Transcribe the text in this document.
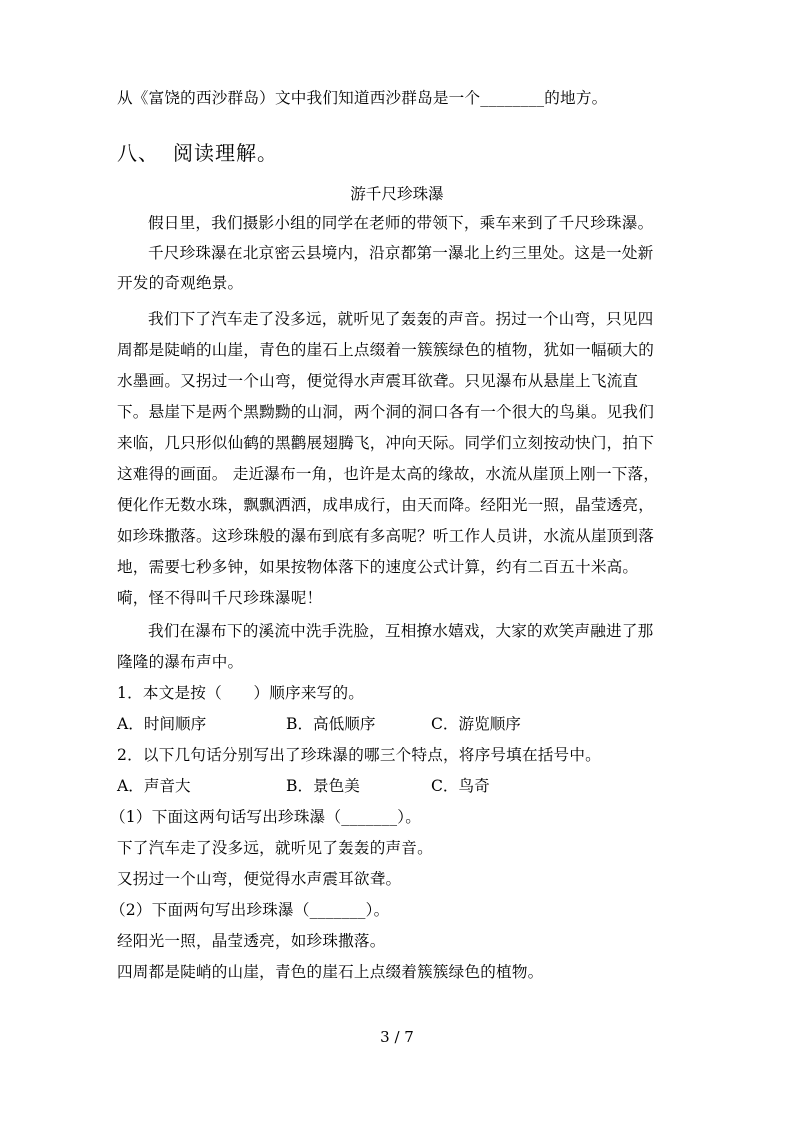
从《富饶的西沙群岛）文中我们知道西沙群岛是一个________的地方。
八、 阅读理解。
游千尺珍珠瀑
假日里，我们摄影小组的同学在老师的带领下，乘车来到了千尺珍珠瀑。
千尺珍珠瀑在北京密云县境内，沿京都第一瀑北上约三里处。这是一处新
开发的奇观绝景。
我们下了汽车走了没多远，就听见了轰轰的声音。拐过一个山弯，只见四
周都是陡峭的山崖，青色的崖石上点缀着一簇簇绿色的植物，犹如一幅硕大的
水墨画。又拐过一个山弯，便觉得水声震耳欲聋。只见瀑布从悬崖上飞流直
下。悬崖下是两个黑黝黝的山洞，两个洞的洞口各有一个很大的鸟巢。见我们
来临，几只形似仙鹤的黑鹳展翅腾飞，冲向天际。同学们立刻按动快门，拍下
这难得的画面。 走近瀑布一角，也许是太高的缘故，水流从崖顶上刚一下落，
便化作无数水珠，飘飘洒洒，成串成行，由天而降。经阳光一照，晶莹透亮，
如珍珠撒落。这珍珠般的瀑布到底有多高呢？听工作人员讲，水流从崖顶到落
地，需要七秒多钟，如果按物体落下的速度公式计算，约有二百五十米高。
嗬，怪不得叫千尺珍珠瀑呢！
我们在瀑布下的溪流中洗手洗脸，互相撩水嬉戏，大家的欢笑声融进了那
隆隆的瀑布声中。
1．本文是按（　　）顺序来写的。
A．时间顺序	B．高低顺序	C．游览顺序
2．以下几句话分别写出了珍珠瀑的哪三个特点，将序号填在括号中。
A．声音大	B．景色美	C．鸟奇
（1）下面这两句话写出珍珠瀑（_______）。
下了汽车走了没多远，就听见了轰轰的声音。
又拐过一个山弯，便觉得水声震耳欲聋。
（2）下面两句写出珍珠瀑（_______）。
经阳光一照，晶莹透亮，如珍珠撒落。
四周都是陡峭的山崖，青色的崖石上点缀着簇簇绿色的植物。
3 / 7
